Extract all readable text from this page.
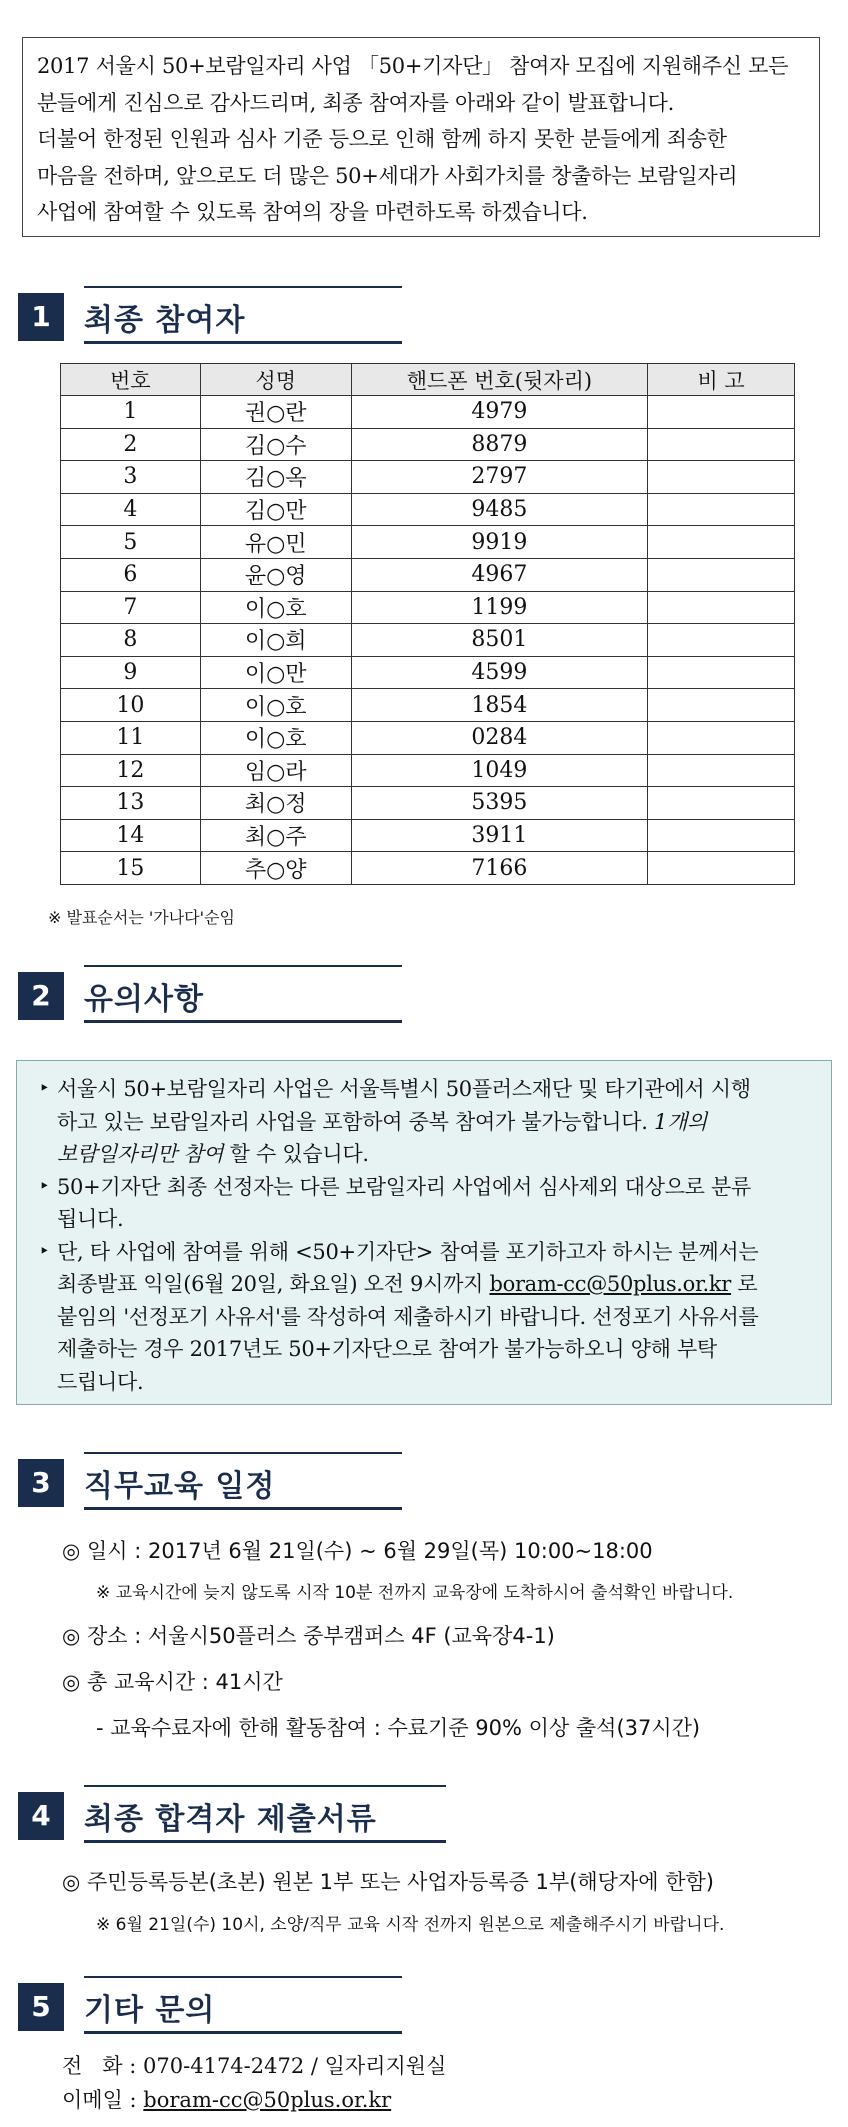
2017 서울시 50+보람일자리 사업 「50+기자단」 참여자 모집에 지원해주신 모든

분들에게 진심으로 감사드리며, 최종 참여자를 아래와 같이 발표합니다.

더불어 한정된 인원과 심사 기준 등으로 인해 함께 하지 못한 분들에게 죄송한

마음을 전하며, 앞으로도 더 많은 50+세대가 사회가치를 창출하는 보람일자리

사업에 참여할 수 있도록 참여의 장을 마련하도록 하겠습니다.

1	최종 참여자
번호	성명	핸드폰 번호(뒷자리)	비 고
1	권○란	4979	
2	김○수	8879	
3	김○옥	2797	
4	김○만	9485	
5	유○민	9919	
6	윤○영	4967	
7	이○호	1199	
8	이○희	8501	
9	이○만	4599	
10	이○호	1854	
11	이○호	0284	
12	임○라	1049	
13	최○정	5395	
14	최○주	3911	
15	추○양	7166	
※ 발표순서는 '가나다'순임
2	유의사항
‣ 서울시 50+보람일자리 사업은 서울특별시 50플러스재단 및 타기관에서 시행
하고 있는 보람일자리 사업을 포함하여 중복 참여가 불가능합니다. 1개의
보람일자리만 참여 할 수 있습니다.
‣ 50+기자단 최종 선정자는 다른 보람일자리 사업에서 심사제외 대상으로 분류
됩니다.
‣ 단, 타 사업에 참여를 위해 <50+기자단> 참여를 포기하고자 하시는 분께서는
최종발표 익일(6월 20일, 화요일) 오전 9시까지 boram-cc@50plus.or.kr 로
붙임의 '선정포기 사유서'를 작성하여 제출하시기 바랍니다. 선정포기 사유서를
제출하는 경우 2017년도 50+기자단으로 참여가 불가능하오니 양해 부탁
드립니다.
3	직무교육 일정
◎ 일시 : 2017년 6월 21일(수) ~ 6월 29일(목) 10:00~18:00
※ 교육시간에 늦지 않도록 시작 10분 전까지 교육장에 도착하시어 출석확인 바랍니다.
◎ 장소 : 서울시50플러스 중부캠퍼스 4F (교육장4-1)
◎ 총 교육시간 : 41시간
- 교육수료자에 한해 활동참여 : 수료기준 90% 이상 출석(37시간)
4	최종 합격자 제출서류
◎ 주민등록등본(초본) 원본 1부 또는 사업자등록증 1부(해당자에 한함)
※ 6월 21일(수) 10시, 소양/직무 교육 시작 전까지 원본으로 제출해주시기 바랍니다.
5	기타 문의
전   화 : 070-4174-2472 / 일자리지원실
이메일 : boram-cc@50plus.or.kr
